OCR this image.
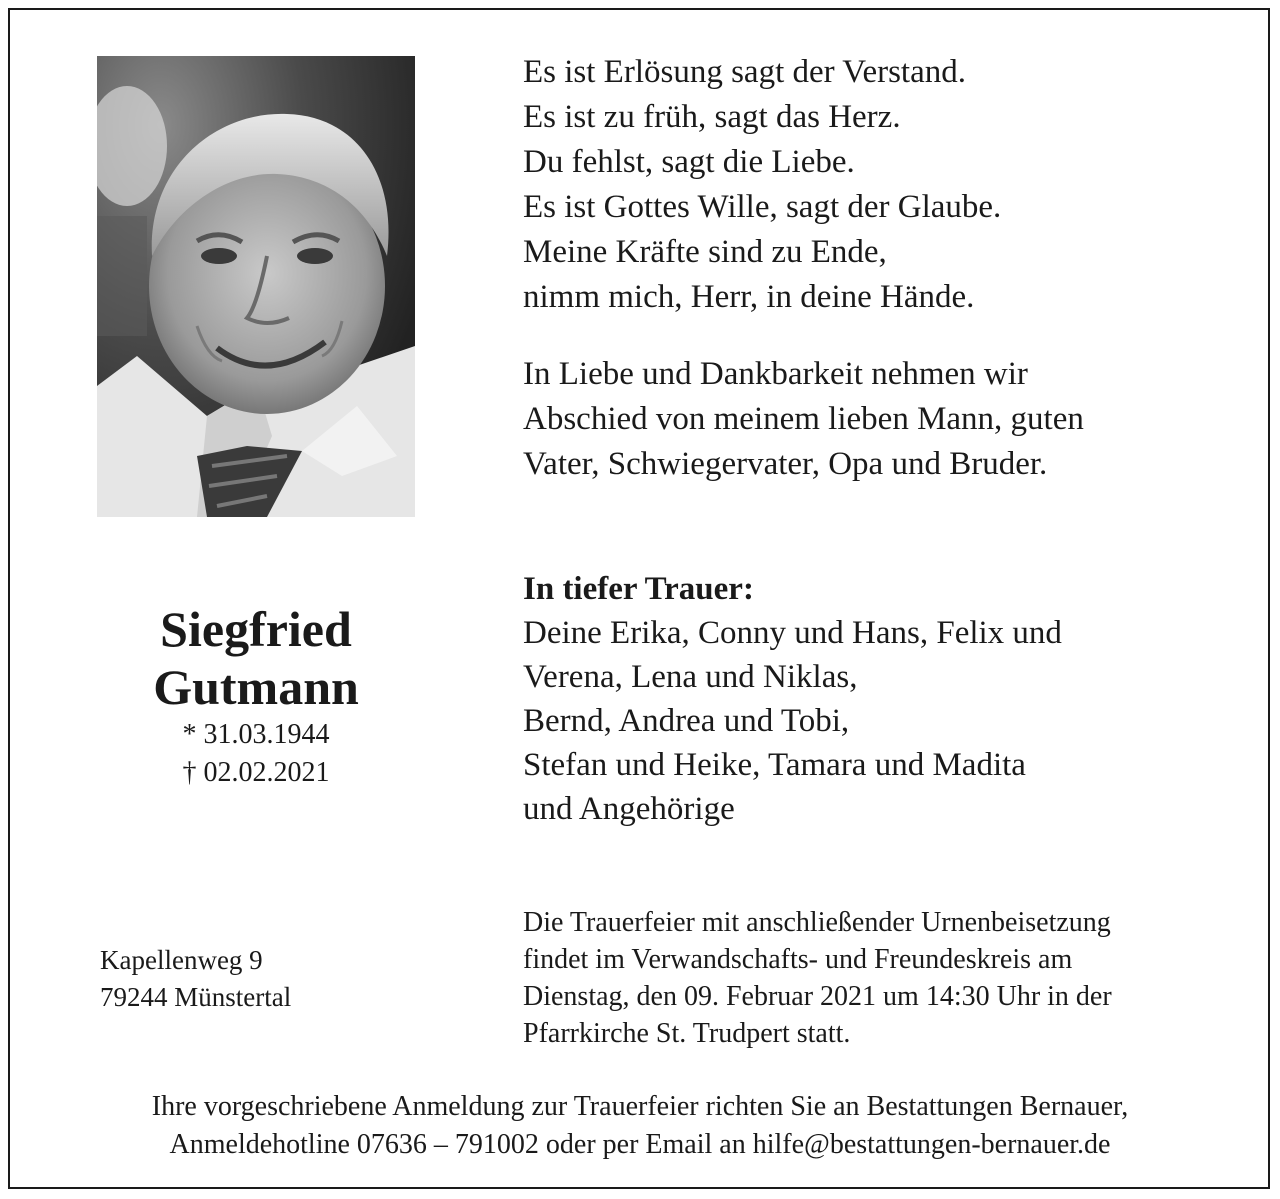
Siegfried
Gutmann
* 31.03.1944
† 02.02.2021
Kapellenweg 9
79244 Münstertal
Es ist Erlösung sagt der Verstand.
Es ist zu früh, sagt das Herz.
Du fehlst, sagt die Liebe.
Es ist Gottes Wille, sagt der Glaube.
Meine Kräfte sind zu Ende,
nimm mich, Herr, in deine Hände.
In Liebe und Dankbarkeit nehmen wir
Abschied von meinem lieben Mann, guten
Vater, Schwiegervater, Opa und Bruder.
In tiefer Trauer:
Deine Erika, Conny und Hans, Felix und
Verena, Lena und Niklas,
Bernd, Andrea und Tobi,
Stefan und Heike, Tamara und Madita
und Angehörige
Die Trauerfeier mit anschließender Urnenbeisetzung
findet im Verwandschafts- und Freundeskreis am
Dienstag, den 09. Februar 2021 um 14:30 Uhr in der
Pfarrkirche St. Trudpert statt.
Ihre vorgeschriebene Anmeldung zur Trauerfeier richten Sie an Bestattungen Bernauer,
Anmeldehotline 07636 – 791002 oder per Email an hilfe@bestattungen-bernauer.de
